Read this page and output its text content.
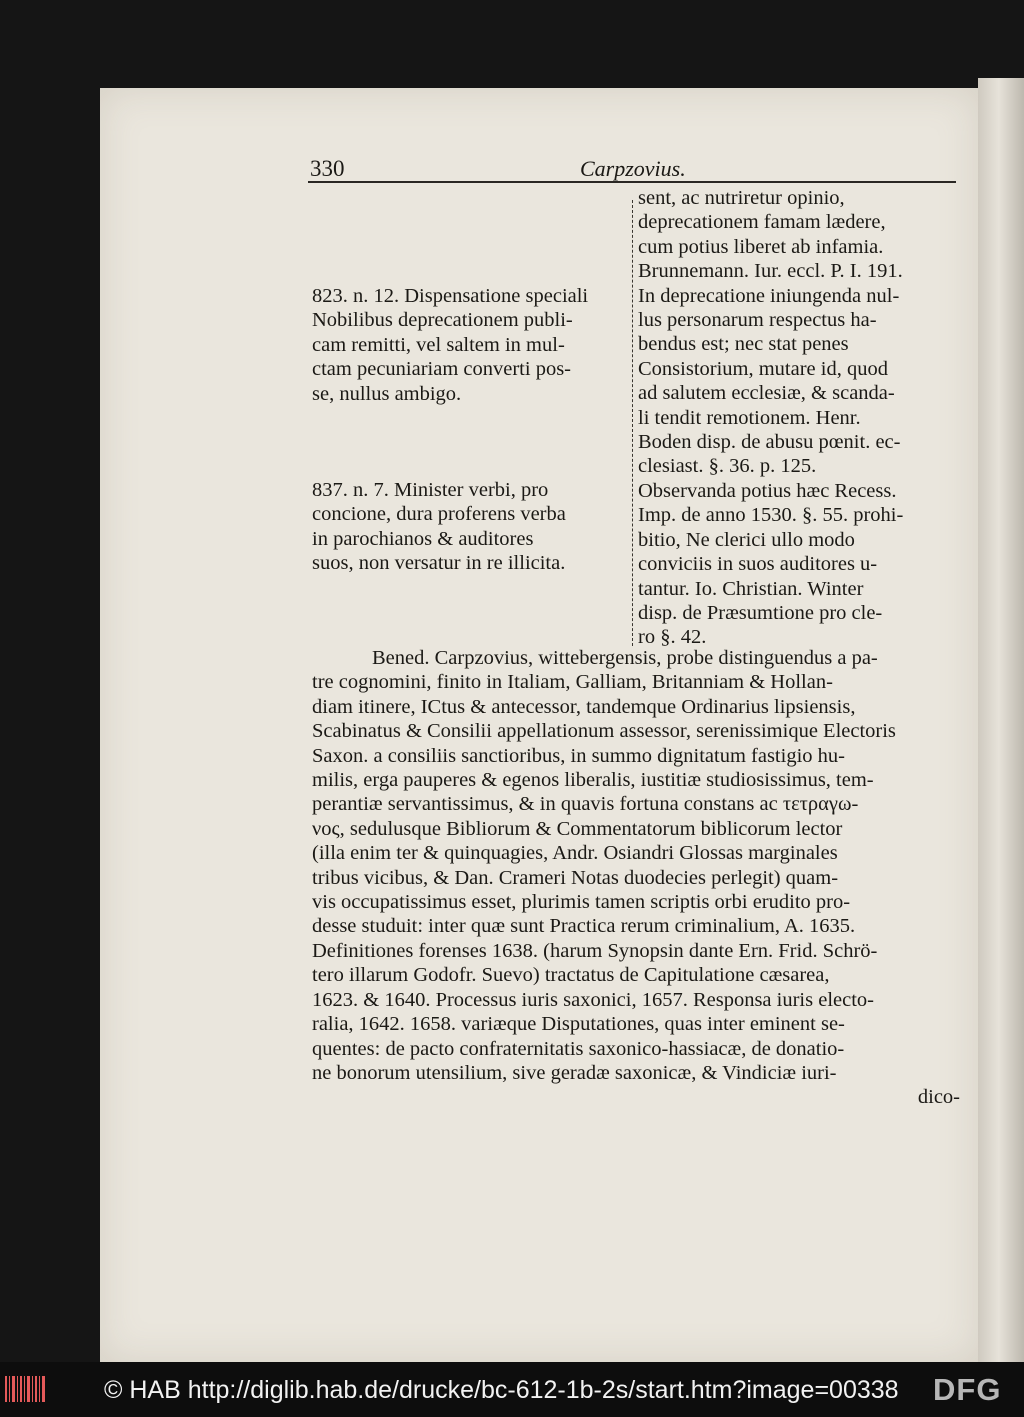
330	Carpzovius.
823. n. 12. Dispensatione speciali
Nobilibus deprecationem publi-
cam remitti, vel saltem in mul-
ctam pecuniariam converti pos-
se, nullus ambigo.
837. n. 7. Minister verbi, pro
concione, dura proferens verba
in parochianos & auditores
suos, non versatur in re illicita.
sent, ac nutriretur opinio,
deprecationem famam lædere,
cum potius liberet ab infamia.
Brunnemann. Iur. eccl. P. I. 191.
In deprecatione iniungenda nul-
lus personarum respectus ha-
bendus est; nec stat penes
Consistorium, mutare id, quod
ad salutem ecclesiæ, & scanda-
li tendit remotionem. Henr.
Boden disp. de abusu pœnit. ec-
clesiast. §. 36. p. 125.
Observanda potius hæc Recess.
Imp. de anno 1530. §. 55. prohi-
bitio, Ne clerici ullo modo
conviciis in suos auditores u-
tantur. Io. Christian. Winter
disp. de Præsumtione pro cle-
ro §. 42.
Bened. Carpzovius, wittebergensis, probe distinguendus a pa-
tre cognomini, finito in Italiam, Galliam, Britanniam & Hollan-
diam itinere, ICtus & antecessor, tandemque Ordinarius lipsiensis,
Scabinatus & Consilii appellationum assessor, serenissimique Electoris
Saxon. a consiliis sanctioribus, in summo dignitatum fastigio hu-
milis, erga pauperes & egenos liberalis, iustitiæ studiosissimus, tem-
perantiæ servantissimus, & in quavis fortuna constans ac τετραγω-
νος, sedulusque Bibliorum & Commentatorum biblicorum lector
(illa enim ter & quinquagies, Andr. Osiandri Glossas marginales
tribus vicibus, & Dan. Crameri Notas duodecies perlegit) quam-
vis occupatissimus esset, plurimis tamen scriptis orbi erudito pro-
desse studuit: inter quæ sunt Practica rerum criminalium, A. 1635.
Definitiones forenses 1638. (harum Synopsin dante Ern. Frid. Schrö-
tero illarum Godofr. Suevo) tractatus de Capitulatione cæsarea,
1623. & 1640. Processus iuris saxonici, 1657. Responsa iuris electo-
ralia, 1642. 1658. variæque Disputationes, quas inter eminent se-
quentes: de pacto confraternitatis saxonico-hassiacæ, de donatio-
ne bonorum utensilium, sive geradæ saxonicæ, & Vindiciæ iuri-
dico-
© HAB http://diglib.hab.de/drucke/bc-612-1b-2s/start.htm?image=00338 DFG
